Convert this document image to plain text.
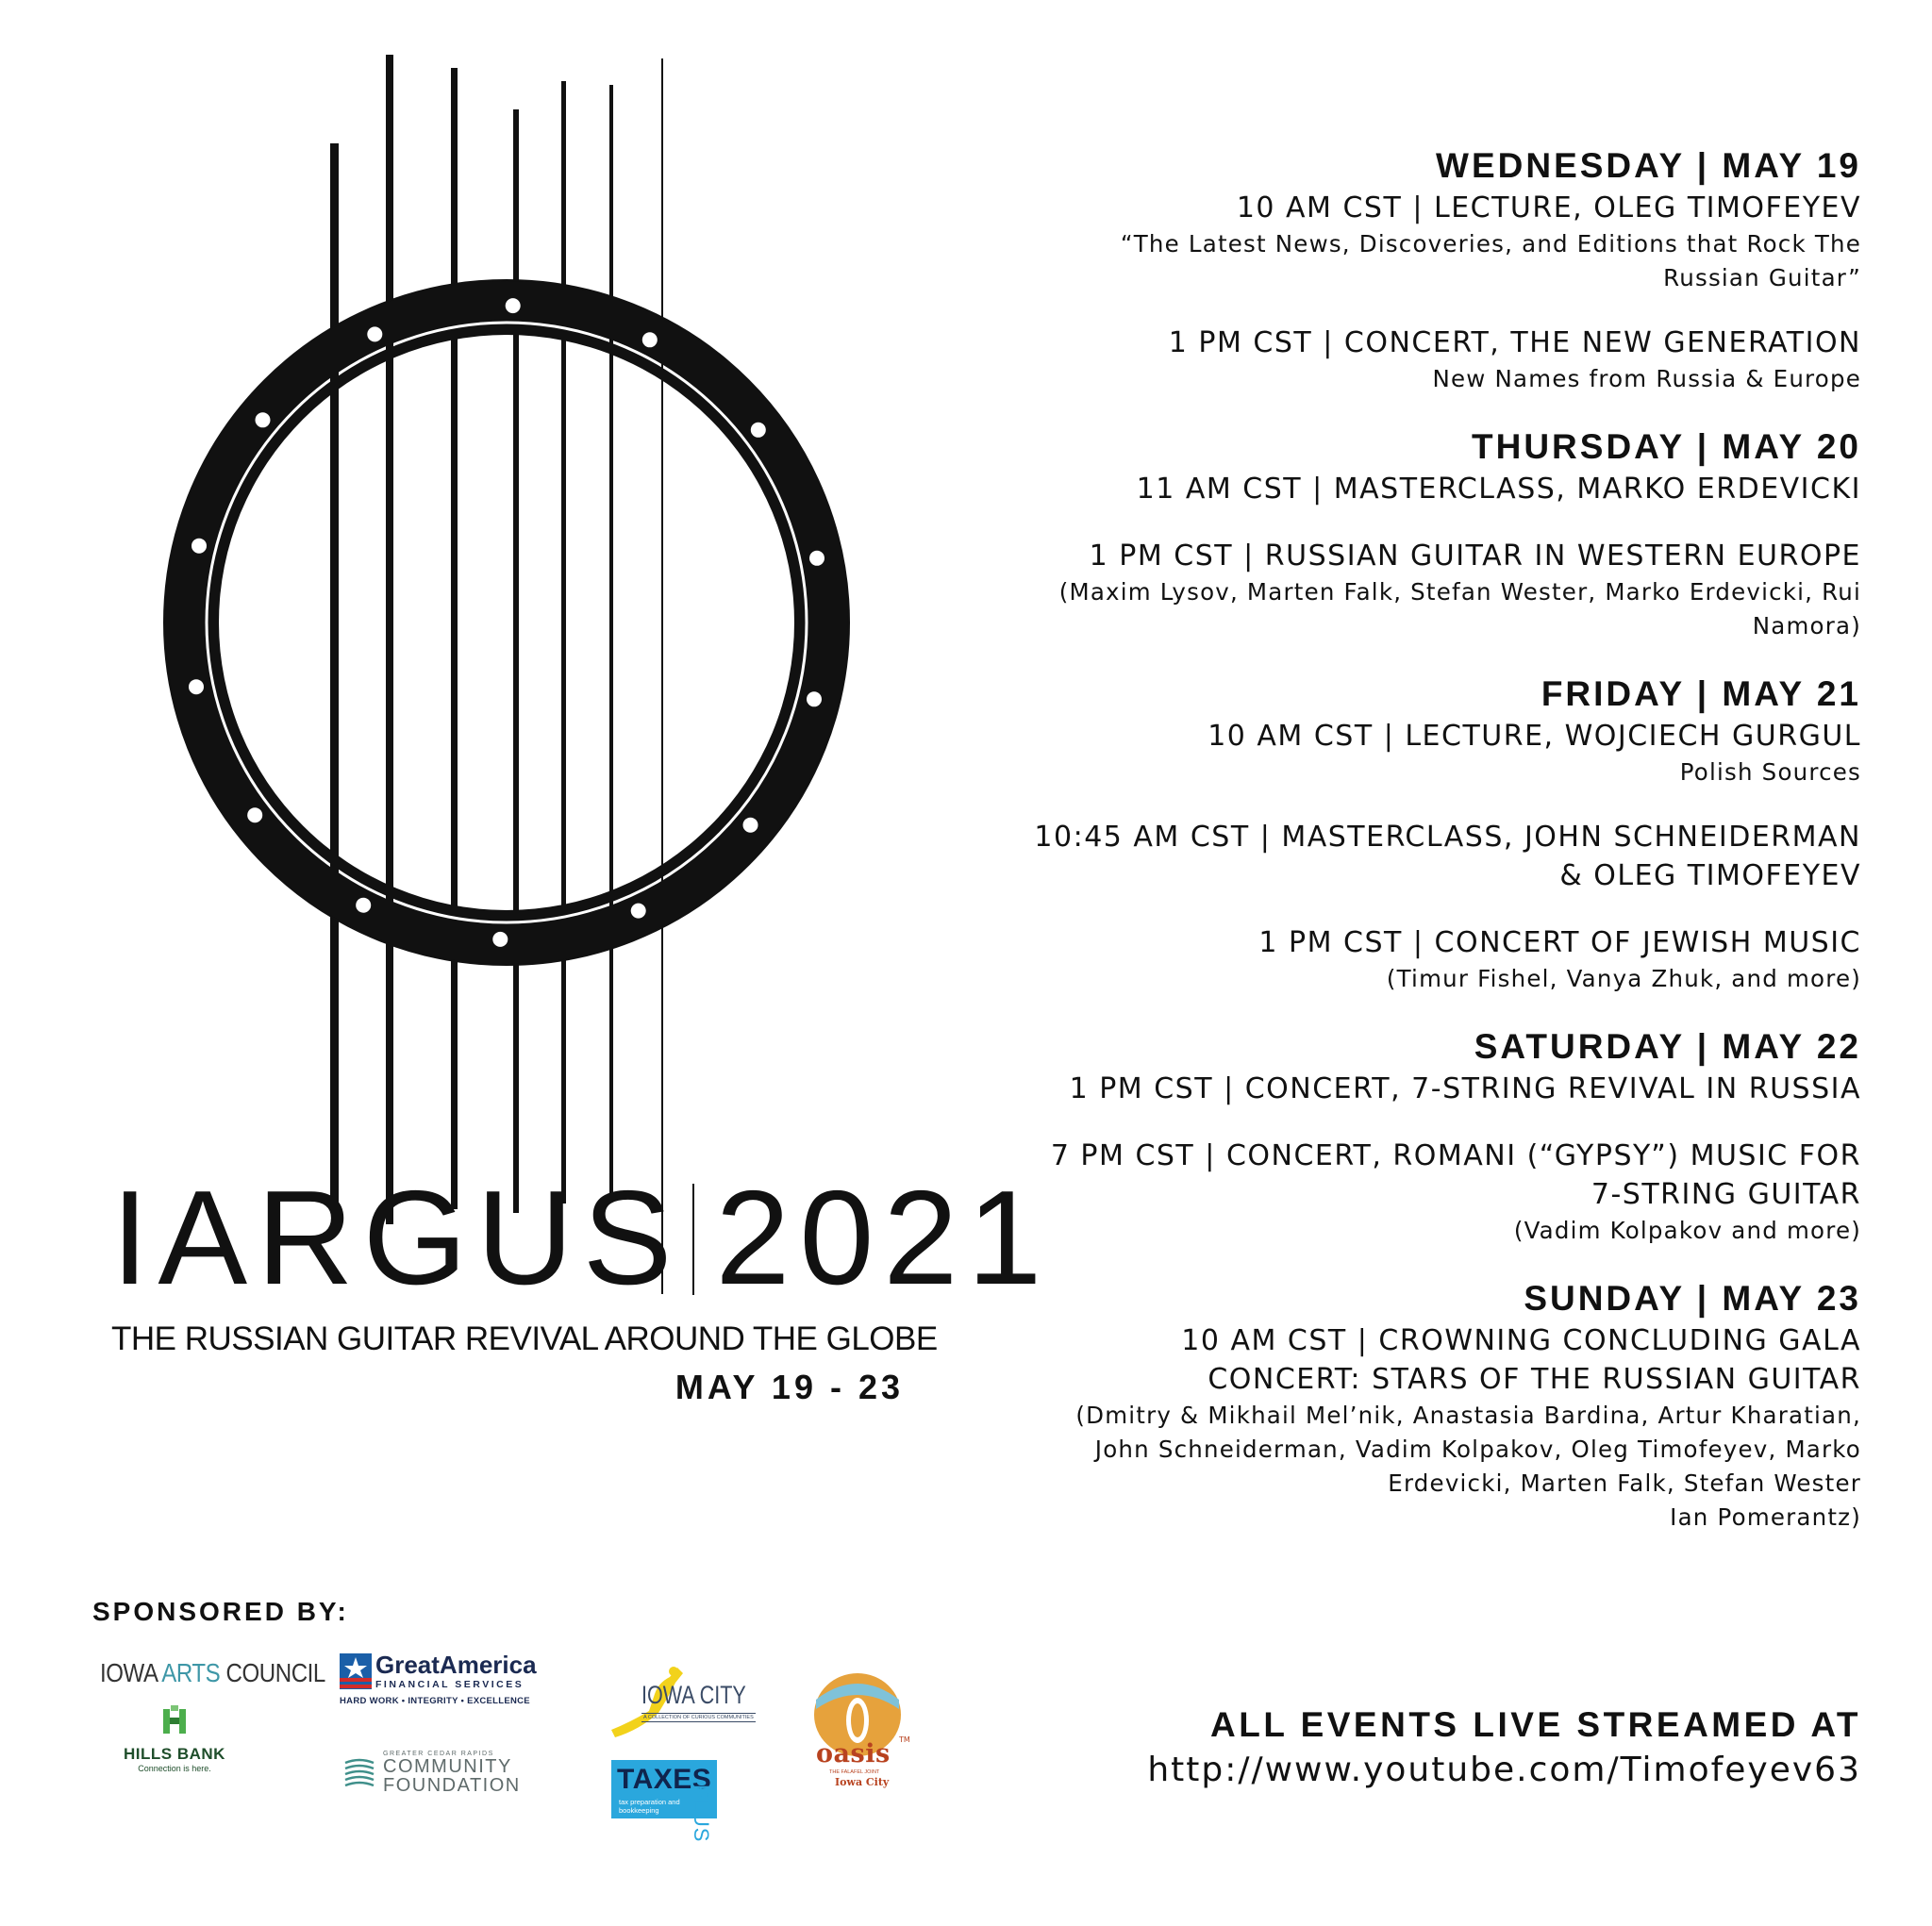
IARGUS 2021
THE RUSSIAN GUITAR REVIVAL AROUND THE GLOBE
MAY 19 - 23
WEDNESDAY | MAY 19
10 AM CST | LECTURE, OLEG TIMOFEYEV
“The Latest News, Discoveries, and Editions that Rock The
Russian Guitar”
1 PM CST | CONCERT, THE NEW GENERATION
New Names from Russia & Europe
THURSDAY | MAY 20
11 AM CST | MASTERCLASS, MARKO ERDEVICKI
1 PM CST | RUSSIAN GUITAR IN WESTERN EUROPE
(Maxim Lysov, Marten Falk, Stefan Wester, Marko Erdevicki, Rui
Namora)
FRIDAY | MAY 21
10 AM CST | LECTURE, WOJCIECH GURGUL
Polish Sources
10:45 AM CST | MASTERCLASS, JOHN SCHNEIDERMAN
& OLEG TIMOFEYEV
1 PM CST | CONCERT OF JEWISH MUSIC
(Timur Fishel, Vanya Zhuk, and more)
SATURDAY | MAY 22
1 PM CST | CONCERT, 7-STRING REVIVAL IN RUSSIA
7 PM CST | CONCERT, ROMANI (“GYPSY”) MUSIC FOR
7-STRING GUITAR
(Vadim Kolpakov and more)
SUNDAY | MAY 23
10 AM CST | CROWNING CONCLUDING GALA
CONCERT: STARS OF THE RUSSIAN GUITAR
(Dmitry & Mikhail Mel’nik, Anastasia Bardina, Artur Kharatian,
John Schneiderman, Vadim Kolpakov, Oleg Timofeyev, Marko
Erdevicki, Marten Falk, Stefan Wester
Ian Pomerantz)
ALL EVENTS LIVE STREAMED AT
http://www.youtube.com/Timofeyev63
SPONSORED BY:
IOWA ARTS COUNCIL
HILLS BANK
Connection is here.
GreatAmerica
FINANCIAL SERVICES
HARD WORK • INTEGRITY • EXCELLENCE
GREATER CEDAR RAPIDS
COMMUNITY
FOUNDATION
IOWA CITY
A COLLECTION OF CURIOUS COMMUNITIES
TAXES
tax preparation and
bookkeeping	PLUS
oasis TM
THE FALAFEL JOINT
Iowa City
